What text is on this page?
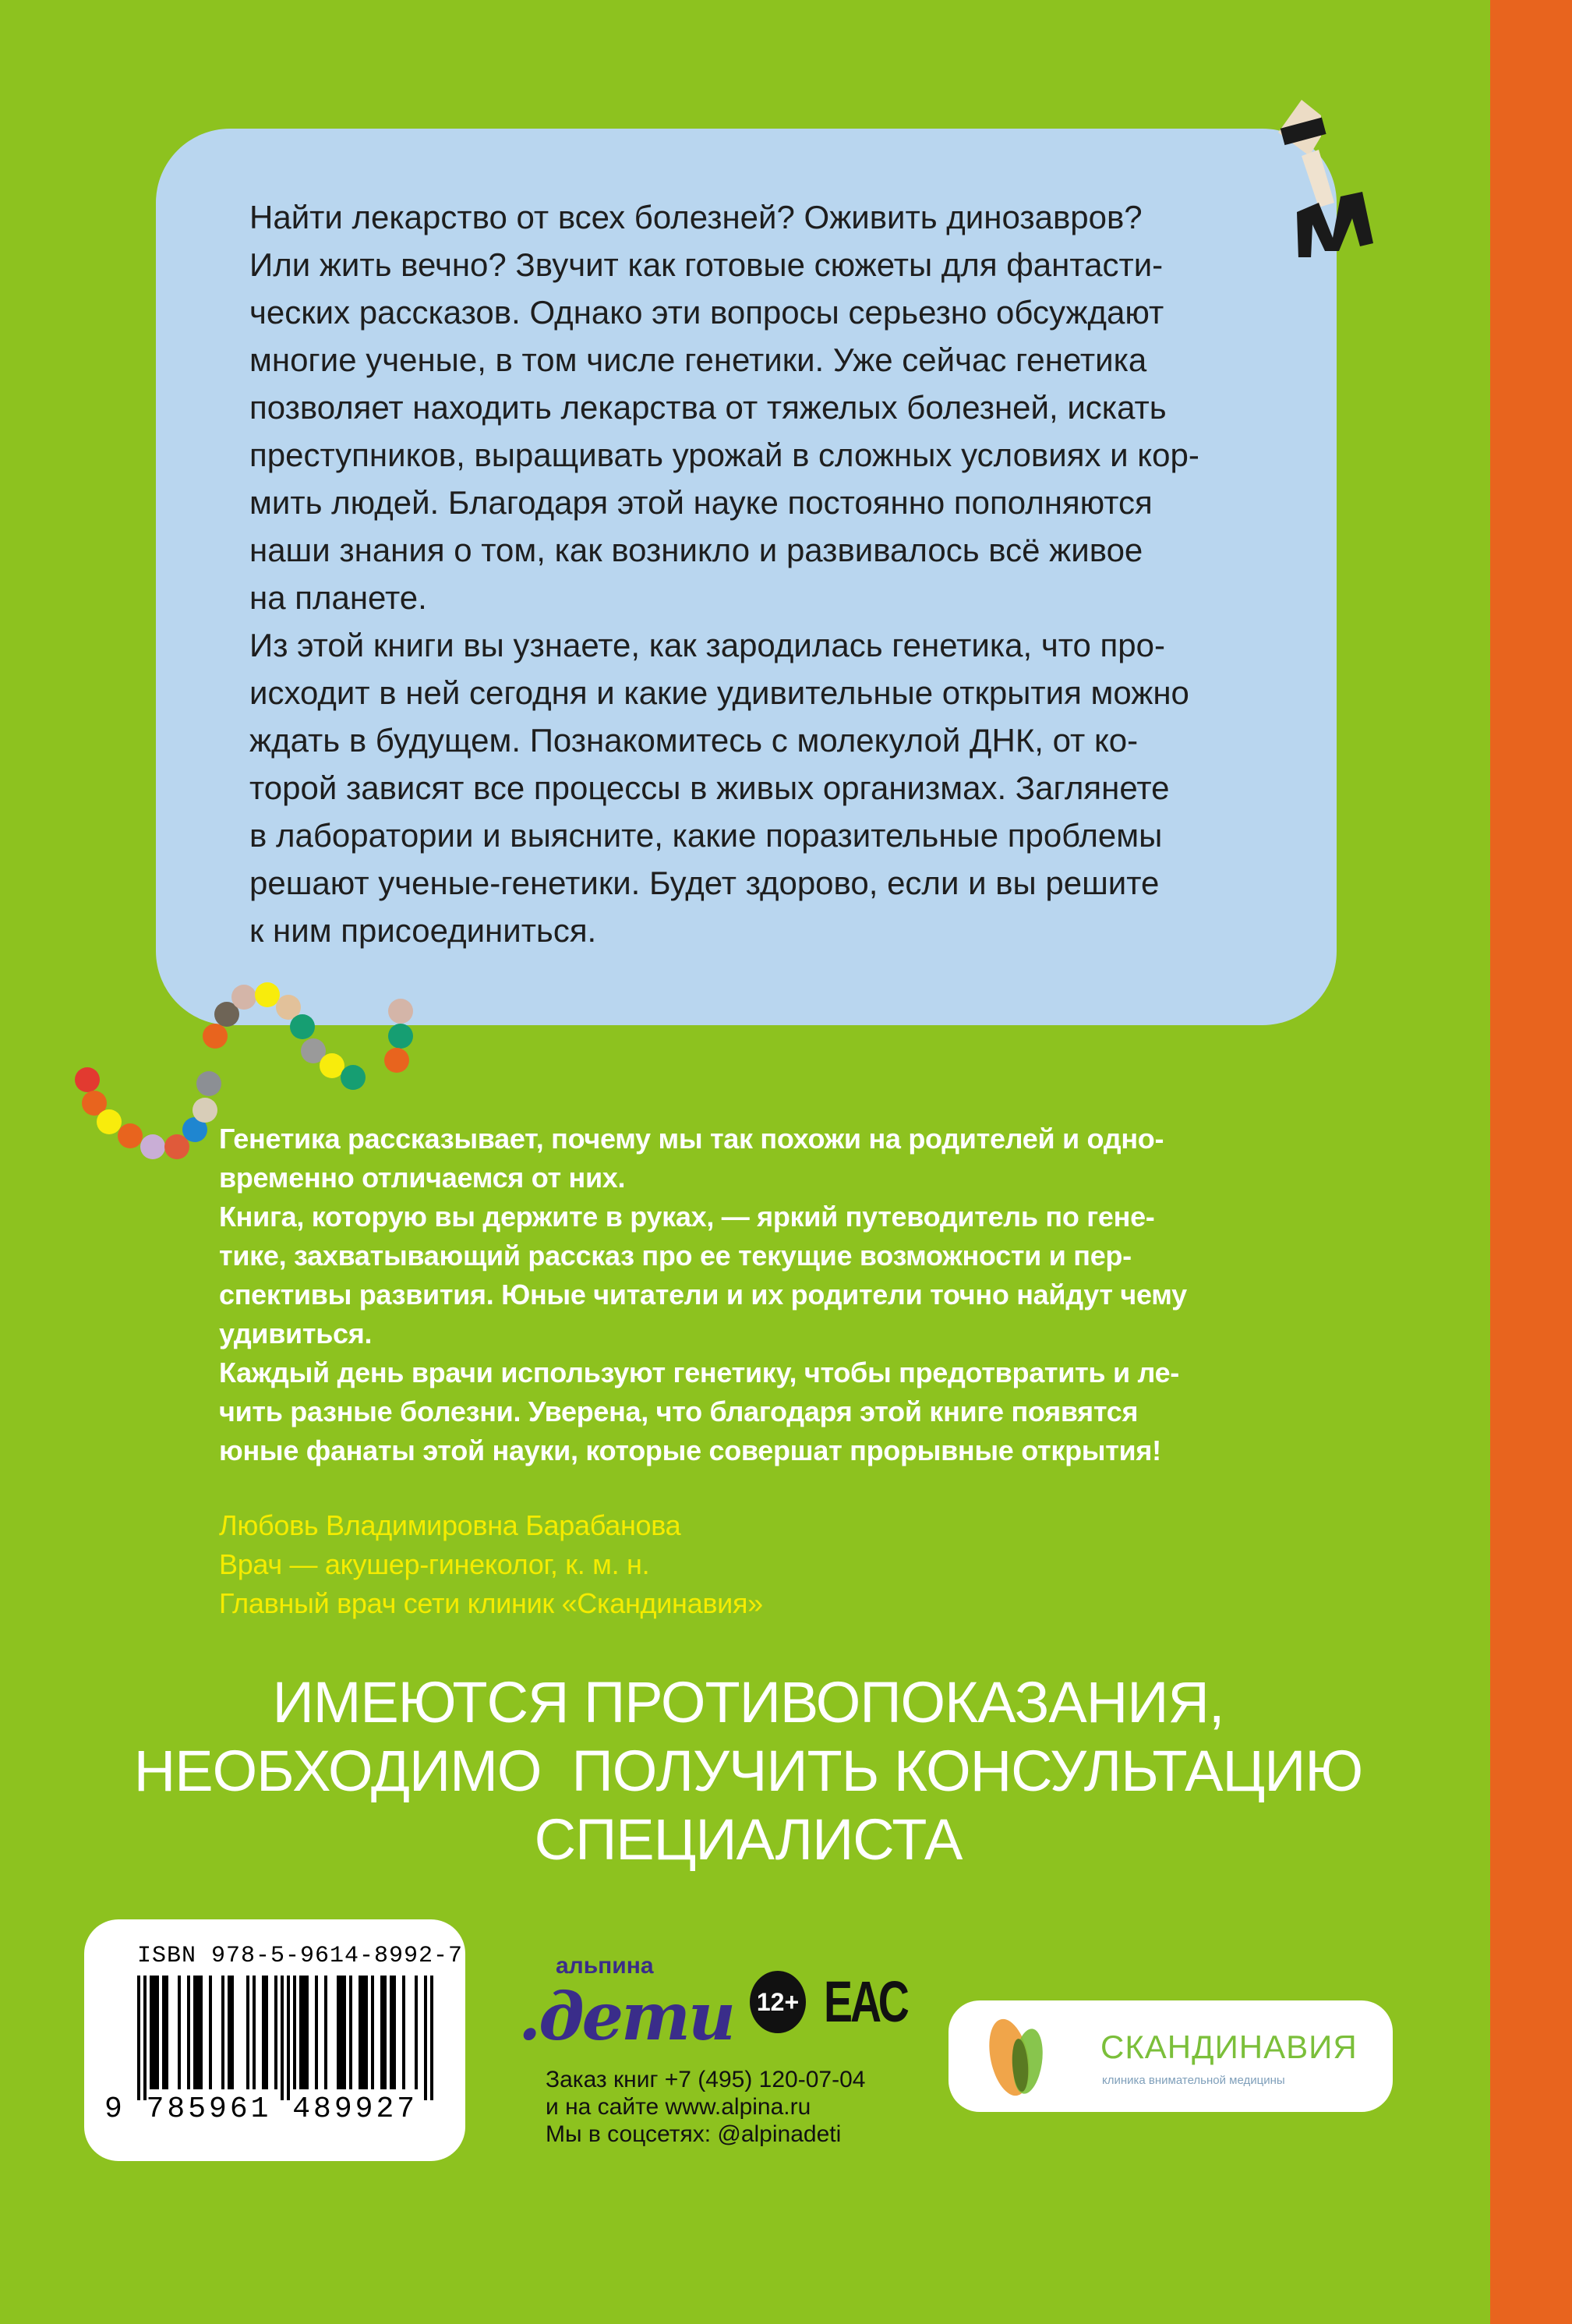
Найти лекарство от всех болезней? Оживить динозавров?
Или жить вечно? Звучит как готовые сюжеты для фантасти-
ческих рассказов. Однако эти вопросы серьезно обсуждают
многие ученые, в том числе генетики. Уже сейчас генетика
позволяет находить лекарства от тяжелых болезней, искать
преступников, выращивать урожай в сложных условиях и кор-
мить людей. Благодаря этой науке постоянно пополняются
наши знания о том, как возникло и развивалось всё живое
на планете.
Из этой книги вы узнаете, как зародилась генетика, что про-
исходит в ней сегодня и какие удивительные открытия можно
ждать в будущем. Познакомитесь с молекулой ДНК, от ко-
торой зависят все процессы в живых организмах. Заглянете
в лаборатории и выясните, какие поразительные проблемы
решают ученые-генетики. Будет здорово, если и вы решите
к ним присоединиться.
Генетика рассказывает, почему мы так похожи на родителей и одно-
временно отличаемся от них.
Книга, которую вы держите в руках, — яркий путеводитель по гене-
тике, захватывающий рассказ про ее текущие возможности и пер-
спективы развития. Юные читатели и их родители точно найдут чему
удивиться.
Каждый день врачи используют генетику, чтобы предотвратить и ле-
чить разные болезни. Уверена, что благодаря этой книге появятся
юные фанаты этой науки, которые совершат прорывные открытия!
Любовь Владимировна Барабанова
Врач — акушер-гинеколог, к. м. н.
Главный врач сети клиник «Скандинавия»
ИМЕЮТСЯ ПРОТИВОПОКАЗАНИЯ,
НЕОБХОДИМО  ПОЛУЧИТЬ КОНСУЛЬТАЦИЮ
СПЕЦИАЛИСТА
ISBN 978-5-9614-8992-7
9 785961 489927
альпина
.дети 12+ ЕАС
Заказ книг +7 (495) 120-07-04
и на сайте www.alpina.ru
Мы в соцсетях: @alpinadeti
СКАНДИНАВИЯ
клиника внимательной медицины
